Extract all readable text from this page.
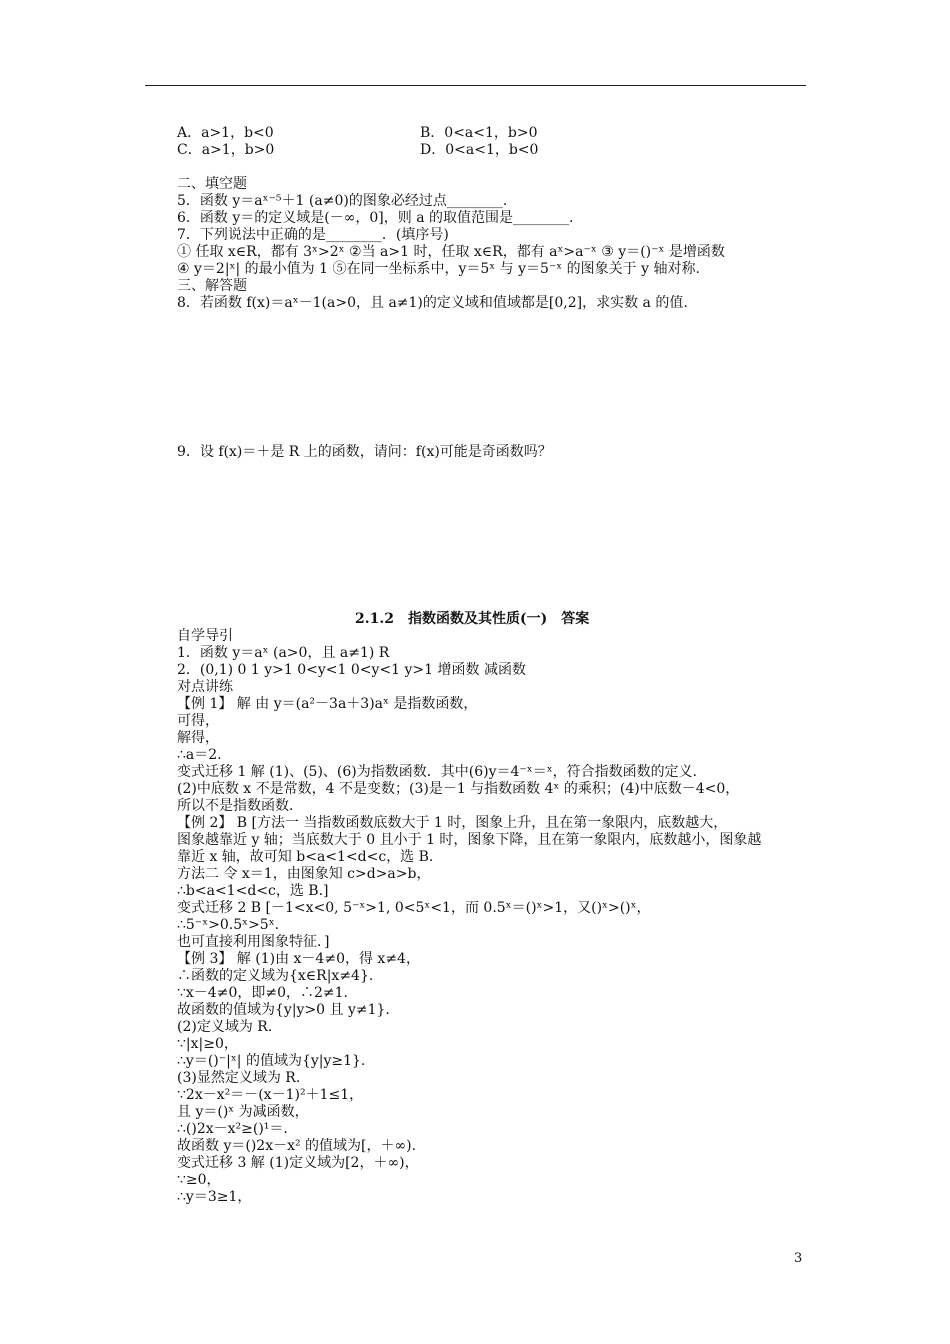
A．a>1，b<0	B．0<a<1，b>0
C．a>1，b>0	D．0<a<1，b<0
二、填空题
5．函数 y＝aˣ⁻⁵＋1 (a≠0)的图象必经过点________.
6．函数 y＝的定义域是(－∞，0]，则 a 的取值范围是________.
7．下列说法中正确的是________．(填序号)
① 任取 x∈R，都有 3ˣ>2ˣ ②当 a>1 时，任取 x∈R，都有 aˣ>a⁻ˣ ③ y＝()⁻ˣ 是增函数
④ y＝2|ˣ| 的最小值为 1 ⑤在同一坐标系中，y＝5ˣ 与 y＝5⁻ˣ 的图象关于 y 轴对称.
三、解答题
8．若函数 f(x)＝aˣ－1(a>0，且 a≠1)的定义域和值域都是[0,2]，求实数 a 的值.
9．设 f(x)＝＋是 R 上的函数，请问：f(x)可能是奇函数吗？
2.1.2　指数函数及其性质(一)　答案
自学导引
1．函数 y＝aˣ (a>0，且 a≠1) R
2．(0,1) 0 1 y>1 0<y<1 0<y<1 y>1 增函数 减函数
对点讲练
【例 1】 解 由 y＝(a²－3a＋3)aˣ 是指数函数，
可得，
解得，
∴a＝2.
变式迁移 1 解 (1)、(5)、(6)为指数函数．其中(6)y＝4⁻ˣ＝ˣ，符合指数函数的定义．
(2)中底数 x 不是常数，4 不是变数；(3)是－1 与指数函数 4ˣ 的乘积；(4)中底数－4<0，
所以不是指数函数．
【例 2】 B [方法一 当指数函数底数大于 1 时，图象上升，且在第一象限内，底数越大，
图象越靠近 y 轴；当底数大于 0 且小于 1 时，图象下降，且在第一象限内，底数越小，图象越
靠近 x 轴，故可知 b<a<1<d<c，选 B.
方法二 令 x＝1，由图象知 c>d>a>b，
∴b<a<1<d<c，选 B.]
变式迁移 2 B [－1<x<0, 5⁻ˣ>1, 0<5ˣ<1，而 0.5ˣ＝()ˣ>1，又()ˣ>()ˣ，
∴5⁻ˣ>0.5ˣ>5ˣ.
也可直接利用图象特征．]
【例 3】 解 (1)由 x－4≠0，得 x≠4，
∴函数的定义域为{x∈R|x≠4}.
∵x－4≠0，即≠0，∴2≠1.
故函数的值域为{y|y>0 且 y≠1}.
(2)定义域为 R.
∵|x|≥0，
∴y＝()⁻|ˣ| 的值域为{y|y≥1}.
(3)显然定义域为 R.
∵2x－x²＝－(x－1)²＋1≤1，
且 y＝()ˣ 为减函数，
∴()2x－x²≥()¹＝.
故函数 y＝()2x－x² 的值域为[，＋∞).
变式迁移 3 解 (1)定义域为[2，＋∞)，
∵≥0，
∴y＝3≥1，
3
